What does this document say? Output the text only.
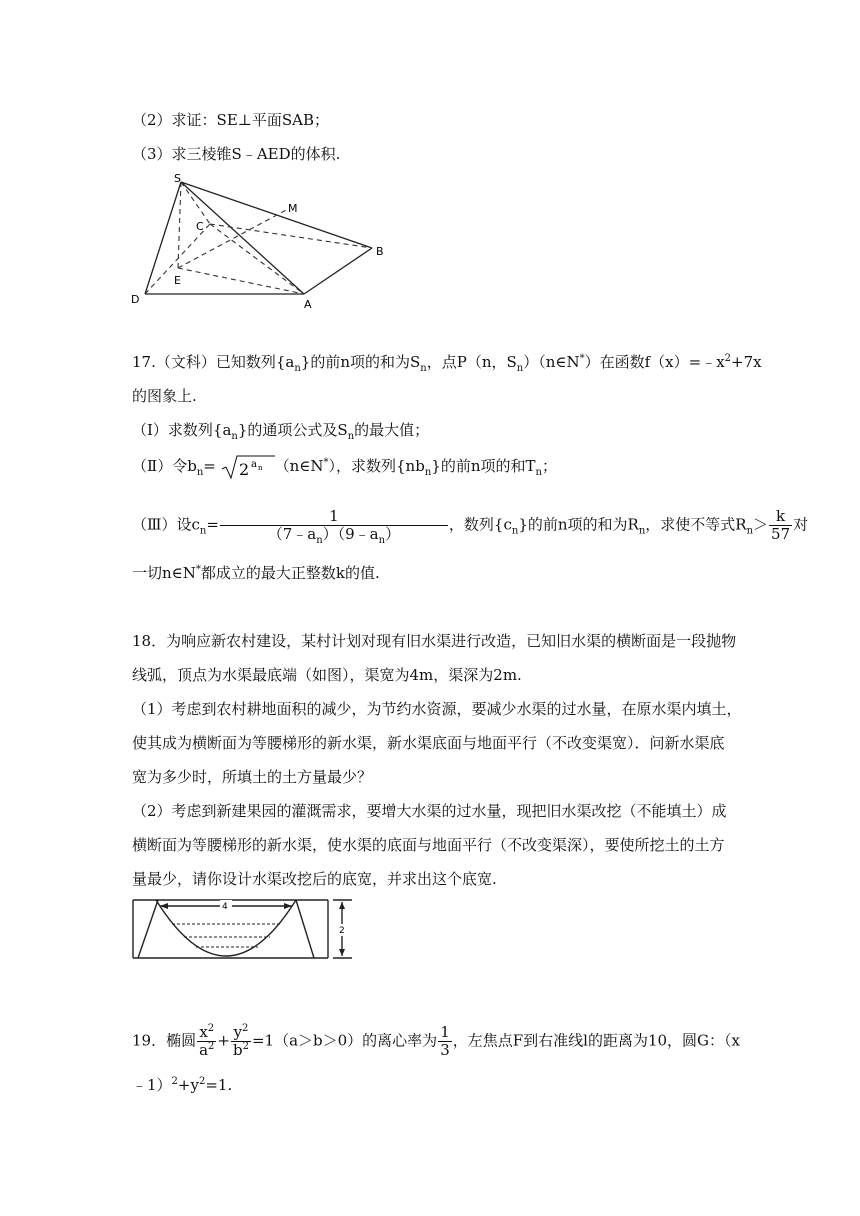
（2）求证：SE⊥平面SAB；
（3）求三棱锥S﹣AED的体积.
S
M
C
B
E
D	A
17.（文科）已知数列$\{a_n\}$的前n项的和为$S_n$，点P（n，$S_n)(n\in N^*)$在函数$f(x)=﹣x^2+7x$
的图象上.
（Ⅰ）求数列$\{a_n\}$的通项公式及$S_n$的最大值；
（Ⅱ）令$b_n= 2$ a n （n∈N*），求数列$\{nb_n\}$的前n项的和$T_n$；
（Ⅲ）设$c_n= \frac{1}{(7﹣a_n)(9﹣a_n)}$ ，数列$\{c_n\}$的前n项的和为$R_n$，求使不等式$R_n> \frac{k}{57}$ 对
一切n∈N*都成立的最大正整数k的值.
18．为响应新农村建设，某村计划对现有旧水渠进行改造，已知旧水渠的横断面是一段抛物
线弧，顶点为水渠最底端（如图），渠宽为4m，渠深为2m.
（1）考虑到农村耕地面积的减少，为节约水资源，要减少水渠的过水量，在原水渠内填土，
使其成为横断面为等腰梯形的新水渠，新水渠底面与地面平行（不改变渠宽）．问新水渠底
宽为多少时，所填土的土方量最少？
（2）考虑到新建果园的灌溉需求，要增大水渠的过水量，现把旧水渠改挖（不能填土）成
横断面为等腰梯形的新水渠，使水渠的底面与地面平行（不改变渠深），要使所挖土的土方
量最少，请你设计水渠改挖后的底宽，并求出这个底宽.
4
2
19．椭圆 $\frac{x^2}{a^2} + \frac{y^2}{b^2} =1(a>b>0)$的离心率为 $\frac{1}{3}$ ，左焦点F到右准线l的距离为10，圆G：（x
$﹣1)^2+y^2=1$.
